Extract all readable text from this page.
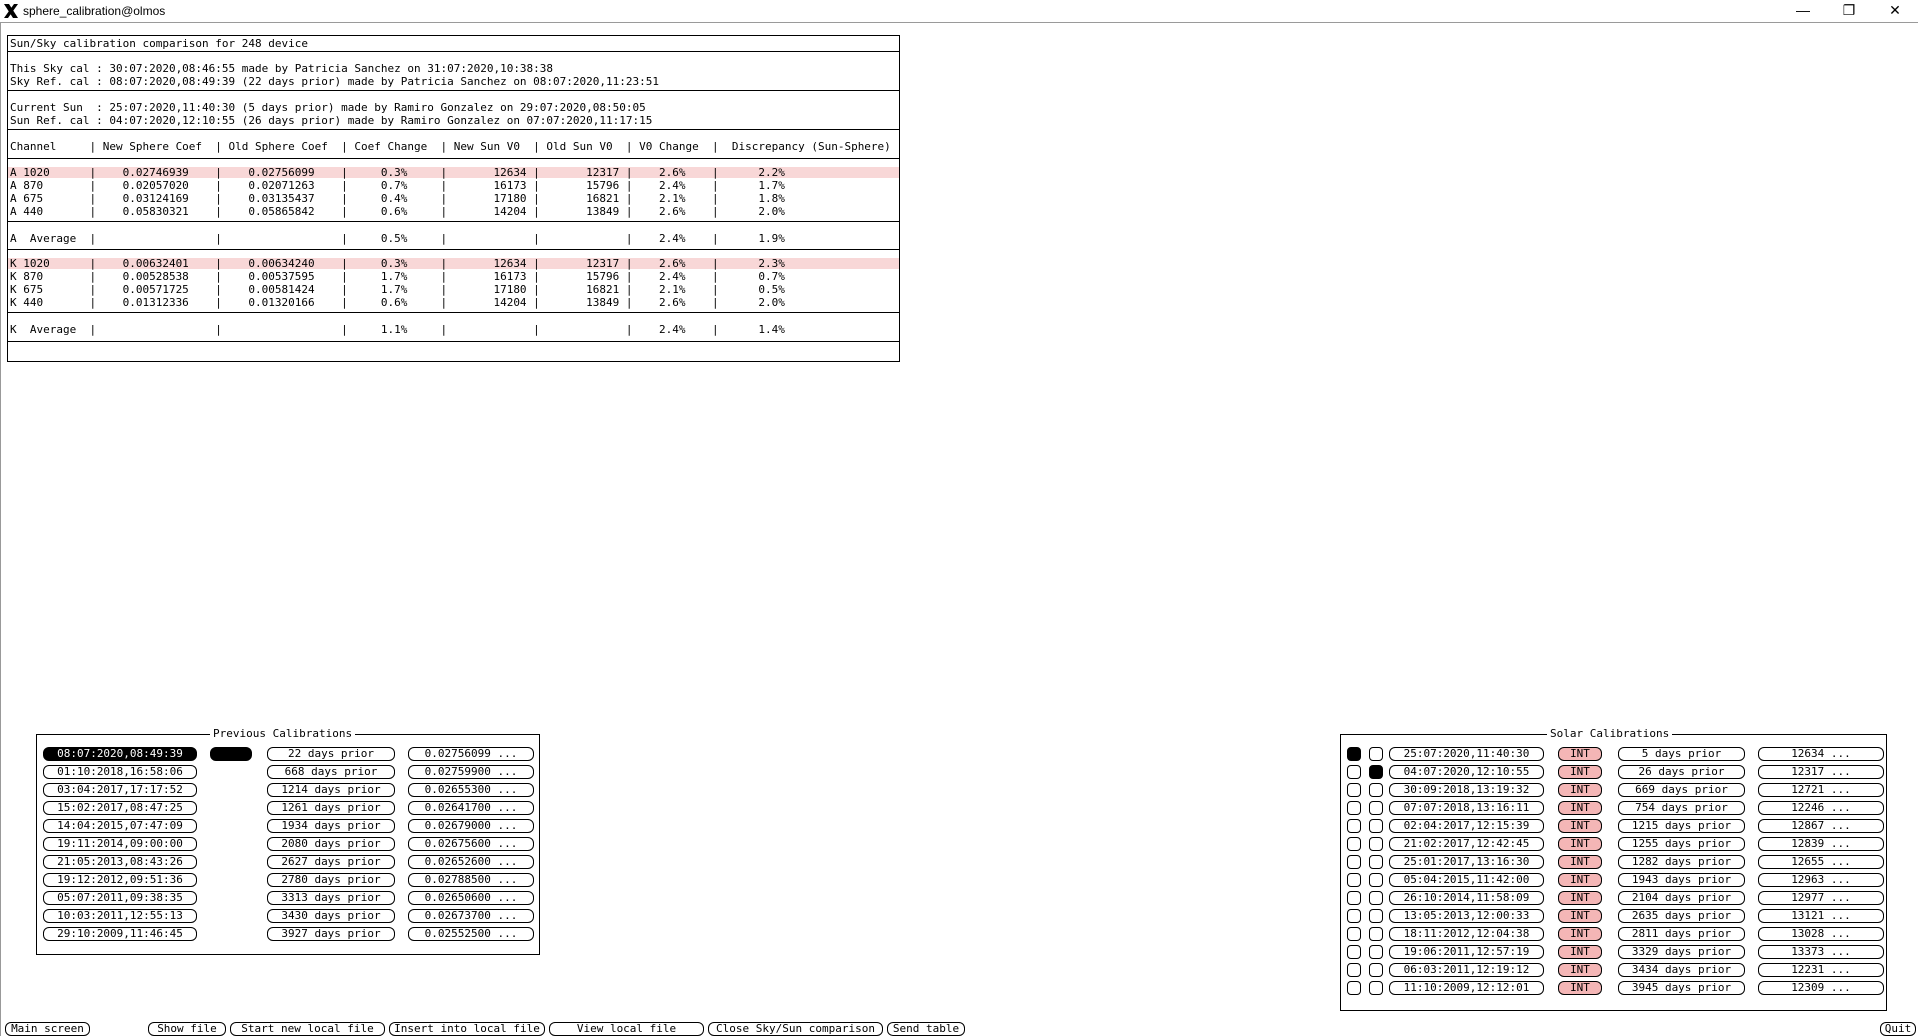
sphere_calibration@olmos	—	❐	✕
Sun/Sky calibration comparison for 248 device
This Sky cal : 30:07:2020,08:46:55 made by Patricia Sanchez on 31:07:2020,10:38:38
Sky Ref. cal : 08:07:2020,08:49:39 (22 days prior) made by Patricia Sanchez on 08:07:2020,11:23:51
Current Sun  : 25:07:2020,11:40:30 (5 days prior) made by Ramiro Gonzalez on 29:07:2020,08:50:05
Sun Ref. cal : 04:07:2020,12:10:55 (26 days prior) made by Ramiro Gonzalez on 07:07:2020,11:17:15
Channel     | New Sphere Coef  | Old Sphere Coef  | Coef Change  | New Sun V0  | Old Sun V0  | V0 Change  |  Discrepancy (Sun-Sphere)
A 1020      |    0.02746939    |    0.02756099    |     0.3%     |       12634 |       12317 |    2.6%    |      2.2%
A 870       |    0.02057020    |    0.02071263    |     0.7%     |       16173 |       15796 |    2.4%    |      1.7%
A 675       |    0.03124169    |    0.03135437    |     0.4%     |       17180 |       16821 |    2.1%    |      1.8%
A 440       |    0.05830321    |    0.05865842    |     0.6%     |       14204 |       13849 |    2.6%    |      2.0%
A  Average  |                  |                  |     0.5%     |             |             |    2.4%    |      1.9%
K 1020      |    0.00632401    |    0.00634240    |     0.3%     |       12634 |       12317 |    2.6%    |      2.3%
K 870       |    0.00528538    |    0.00537595    |     1.7%     |       16173 |       15796 |    2.4%    |      0.7%
K 675       |    0.00571725    |    0.00581424    |     1.7%     |       17180 |       16821 |    2.1%    |      0.5%
K 440       |    0.01312336    |    0.01320166    |     0.6%     |       14204 |       13849 |    2.6%    |      2.0%
K  Average  |                  |                  |     1.1%     |             |             |    2.4%    |      1.4%
Previous Calibrations
08:07:2020,08:49:39	22 days prior	0.02756099 ...
01:10:2018,16:58:06	668 days prior	0.02759900 ...
03:04:2017,17:17:52	1214 days prior	0.02655300 ...
15:02:2017,08:47:25	1261 days prior	0.02641700 ...
14:04:2015,07:47:09	1934 days prior	0.02679000 ...
19:11:2014,09:00:00	2080 days prior	0.02675600 ...
21:05:2013,08:43:26	2627 days prior	0.02652600 ...
19:12:2012,09:51:36	2780 days prior	0.02788500 ...
05:07:2011,09:38:35	3313 days prior	0.02650600 ...
10:03:2011,12:55:13	3430 days prior	0.02673700 ...
29:10:2009,11:46:45	3927 days prior	0.02552500 ...
Solar Calibrations
25:07:2020,11:40:30	INT	5 days prior	12634 ...
04:07:2020,12:10:55	INT	26 days prior	12317 ...
30:09:2018,13:19:32	INT	669 days prior	12721 ...
07:07:2018,13:16:11	INT	754 days prior	12246 ...
02:04:2017,12:15:39	INT	1215 days prior	12867 ...
21:02:2017,12:42:45	INT	1255 days prior	12839 ...
25:01:2017,13:16:30	INT	1282 days prior	12655 ...
05:04:2015,11:42:00	INT	1943 days prior	12963 ...
26:10:2014,11:58:09	INT	2104 days prior	12977 ...
13:05:2013,12:00:33	INT	2635 days prior	13121 ...
18:11:2012,12:04:38	INT	2811 days prior	13028 ...
19:06:2011,12:57:19	INT	3329 days prior	13373 ...
06:03:2011,12:19:12	INT	3434 days prior	12231 ...
11:10:2009,12:12:01	INT	3945 days prior	12309 ...
Main screen	Show file	Start new local file	Insert into local file	View local file	Close Sky/Sun comparison	Send table	Quit
